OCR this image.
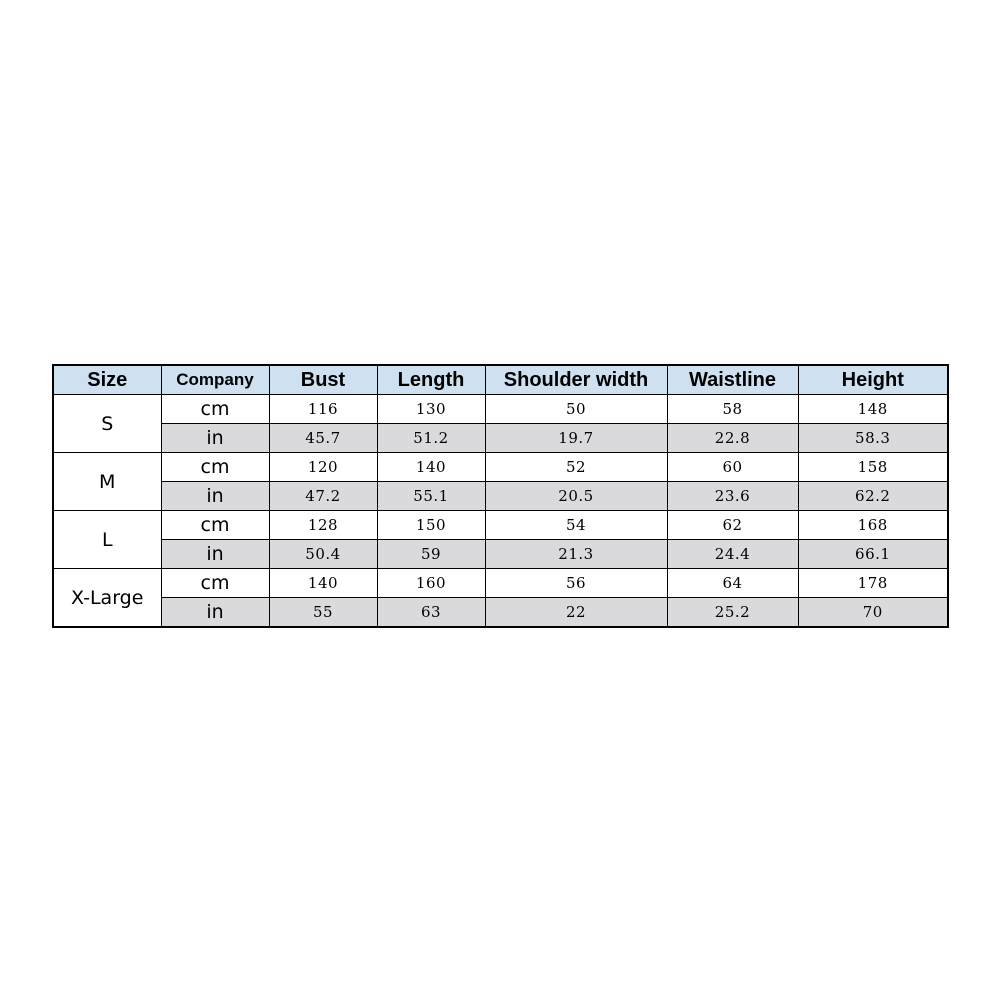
Size	Company	Bust	Length	Shoulder width	Waistline	Height
S	cm	116	130	50	58	148
	in	45.7	51.2	19.7	22.8	58.3
M	cm	120	140	52	60	158
	in	47.2	55.1	20.5	23.6	62.2
L	cm	128	150	54	62	168
	in	50.4	59	21.3	24.4	66.1
X-Large	cm	140	160	56	64	178
	in	55	63	22	25.2	70
